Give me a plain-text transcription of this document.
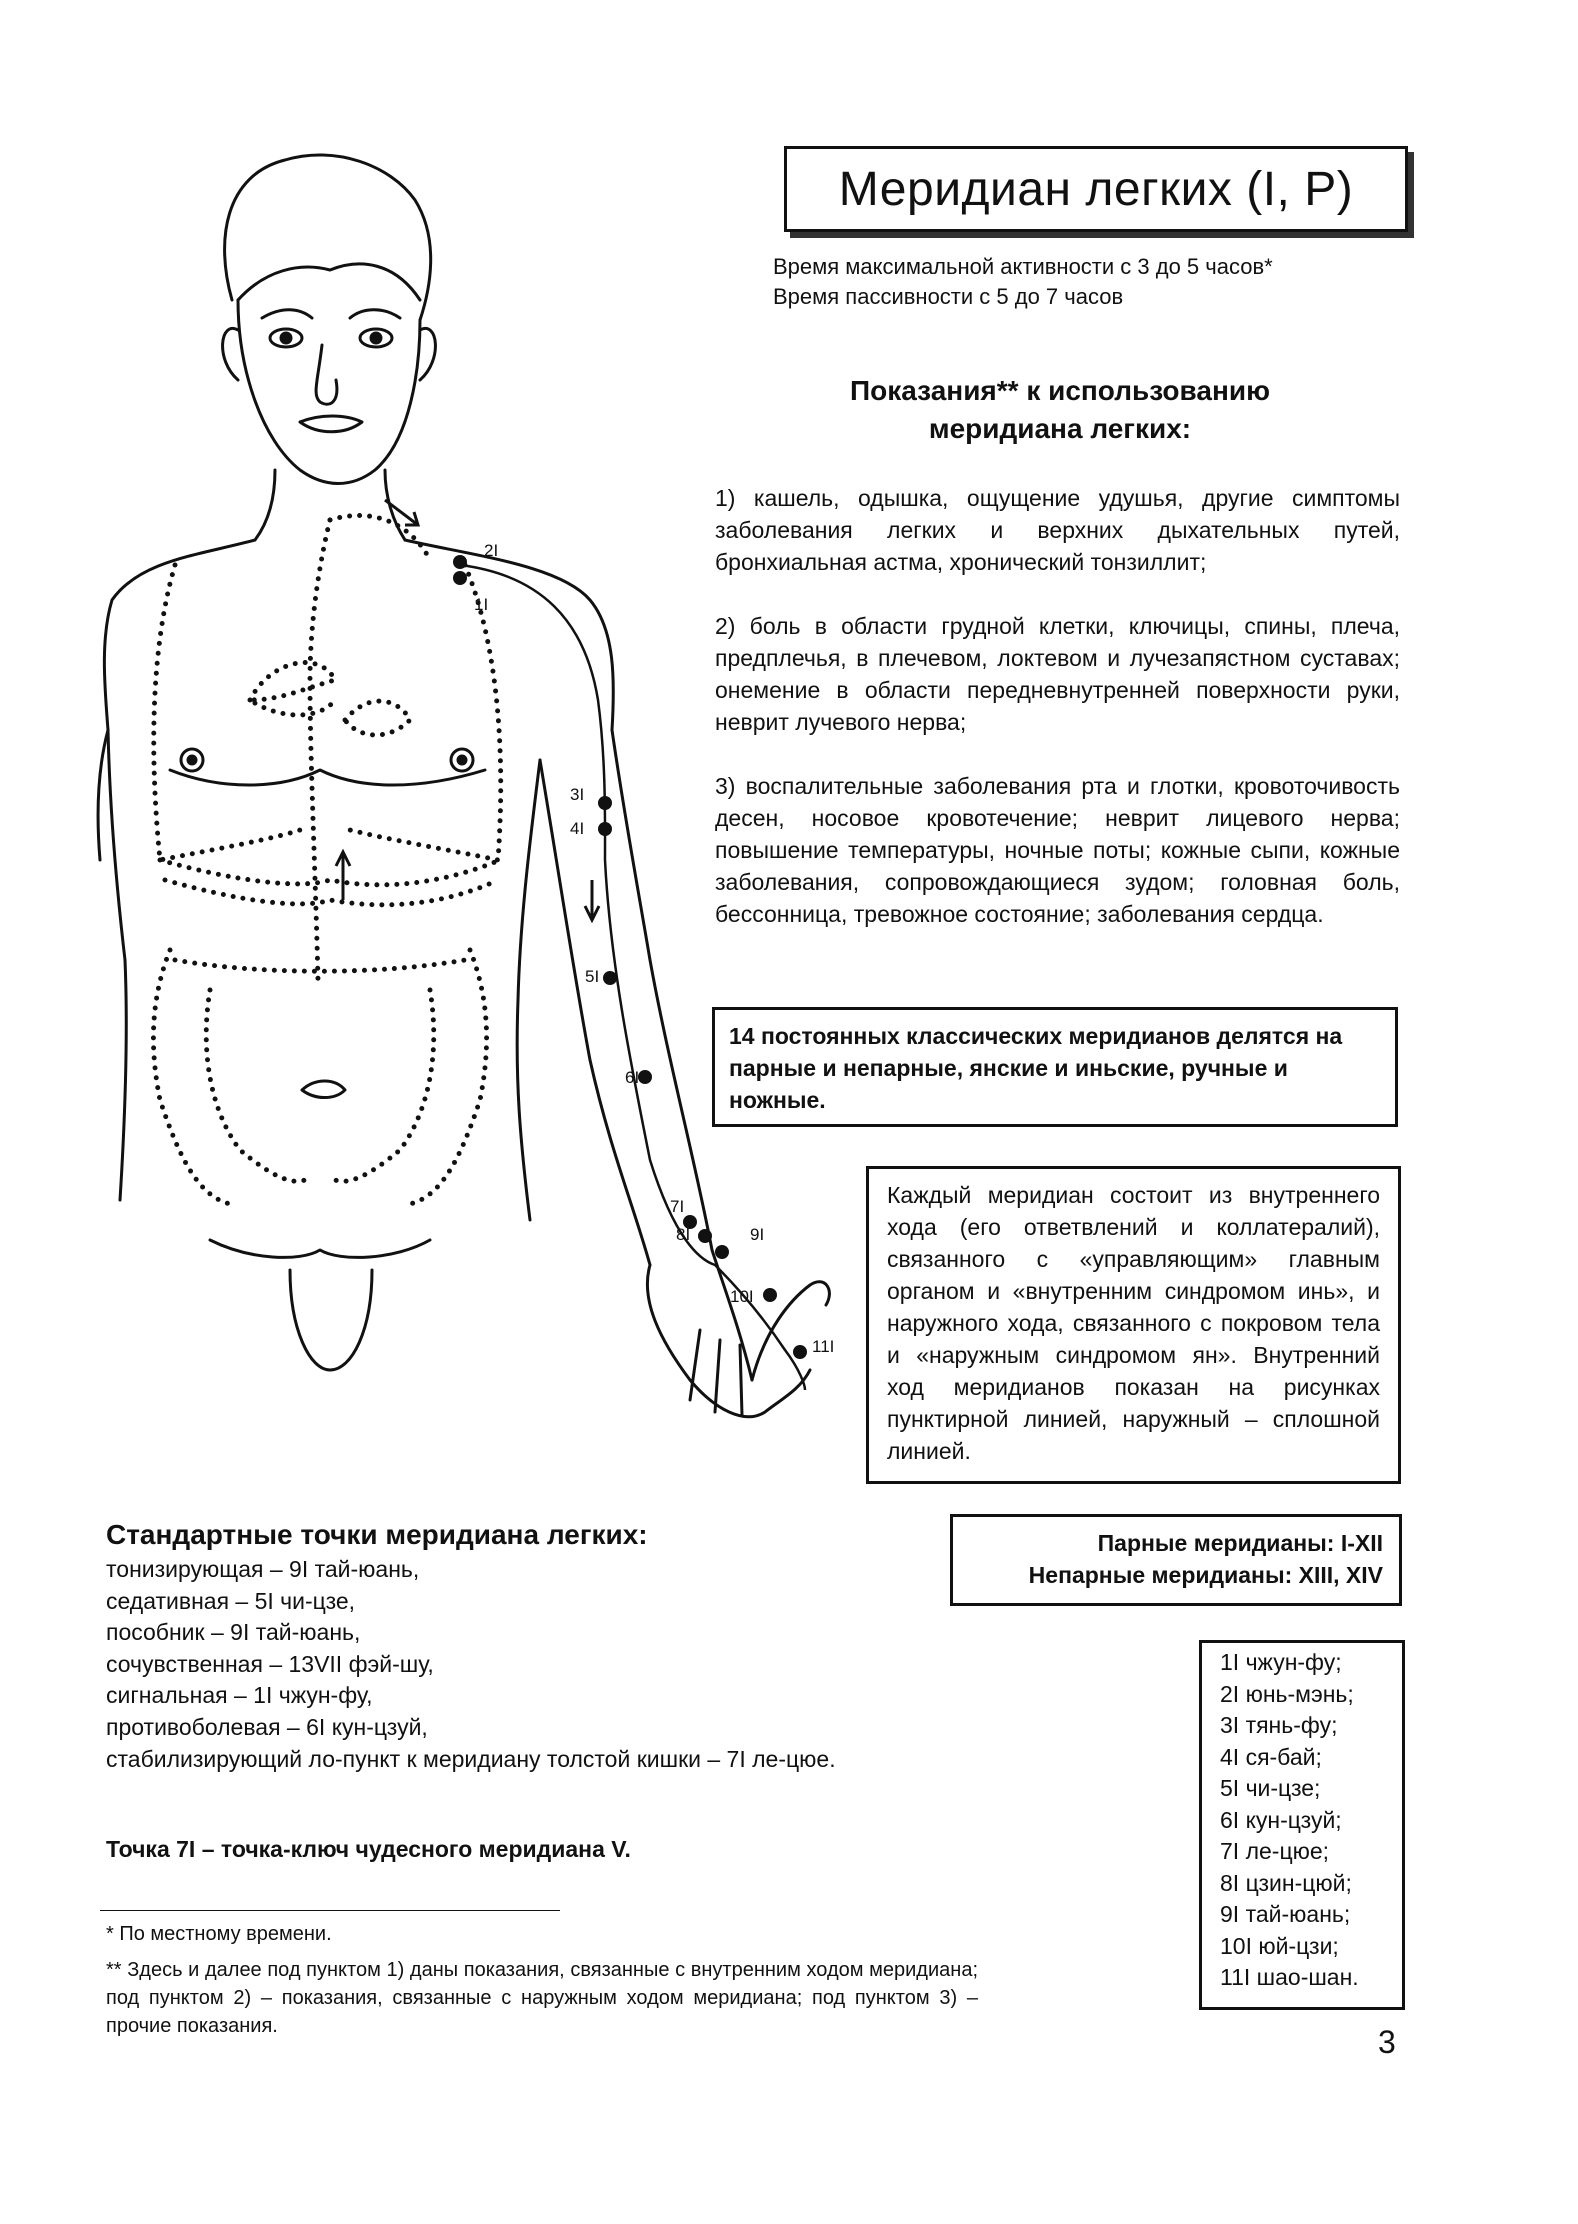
2I
1I
3I
4I
5I
6I
7I
8I	9I
10I
11I
Меридиан легких (I, P)
Время максимальной активности с 3 до 5 часов*
Время пассивности с 5 до 7 часов
Показания** к использованию
меридиана легких:
1) кашель, одышка, ощущение удушья, другие симптомы заболевания легких и верхних дыхательных путей, бронхиальная астма, хронический тонзиллит;
2) боль в области грудной клетки, ключицы, спины, плеча, предплечья, в плечевом, локтевом и лучезапястном суставах; онемение в области передневнутренней поверхности руки, неврит лучевого нерва;
3) воспалительные заболевания рта и глотки, кровоточивость десен, носовое кровотечение; неврит лицевого нерва; повышение температуры, ночные поты; кожные сыпи, кожные заболевания, сопровождающиеся зудом; головная боль, бессонница, тревожное состояние; заболевания сердца.
14 постоянных классических меридианов делятся на парные и непарные, янские и иньские, ручные и ножные.
Каждый меридиан состоит из внутреннего хода (его ответвлений и коллатералий), связанного с «управляющим» главным органом и «внутренним синдромом инь», и наружного хода, связанного с покровом тела и «наружным синдромом ян». Внутренний ход меридианов показан на рисунках пунктирной линией, наружный – сплошной линией.
Парные меридианы: I-XII
Непарные меридианы: XIII, XIV
1I чжун-фу;
2I юнь-мэнь;
3I тянь-фу;
4I ся-бай;
5I чи-цзе;
6I кун-цзуй;
7I ле-цюе;
8I цзин-цюй;
9I тай-юань;
10I юй-цзи;
11I шао-шан.
Стандартные точки меридиана легких:
тонизирующая – 9I тай-юань,
седативная – 5I чи-цзе,
пособник – 9I тай-юань,
сочувственная – 13VII фэй-шу,
сигнальная – 1I чжун-фу,
противоболевая – 6I кун-цзуй,
стабилизирующий ло-пункт к меридиану толстой кишки – 7I ле-цюе.
Точка 7I – точка-ключ чудесного меридиана V.
* По местному времени.
** Здесь и далее под пунктом 1) даны показания, связанные с внутренним ходом меридиана; под пунктом 2) – показания, связанные с наружным ходом меридиана; под пунктом 3) – прочие показания.	3
